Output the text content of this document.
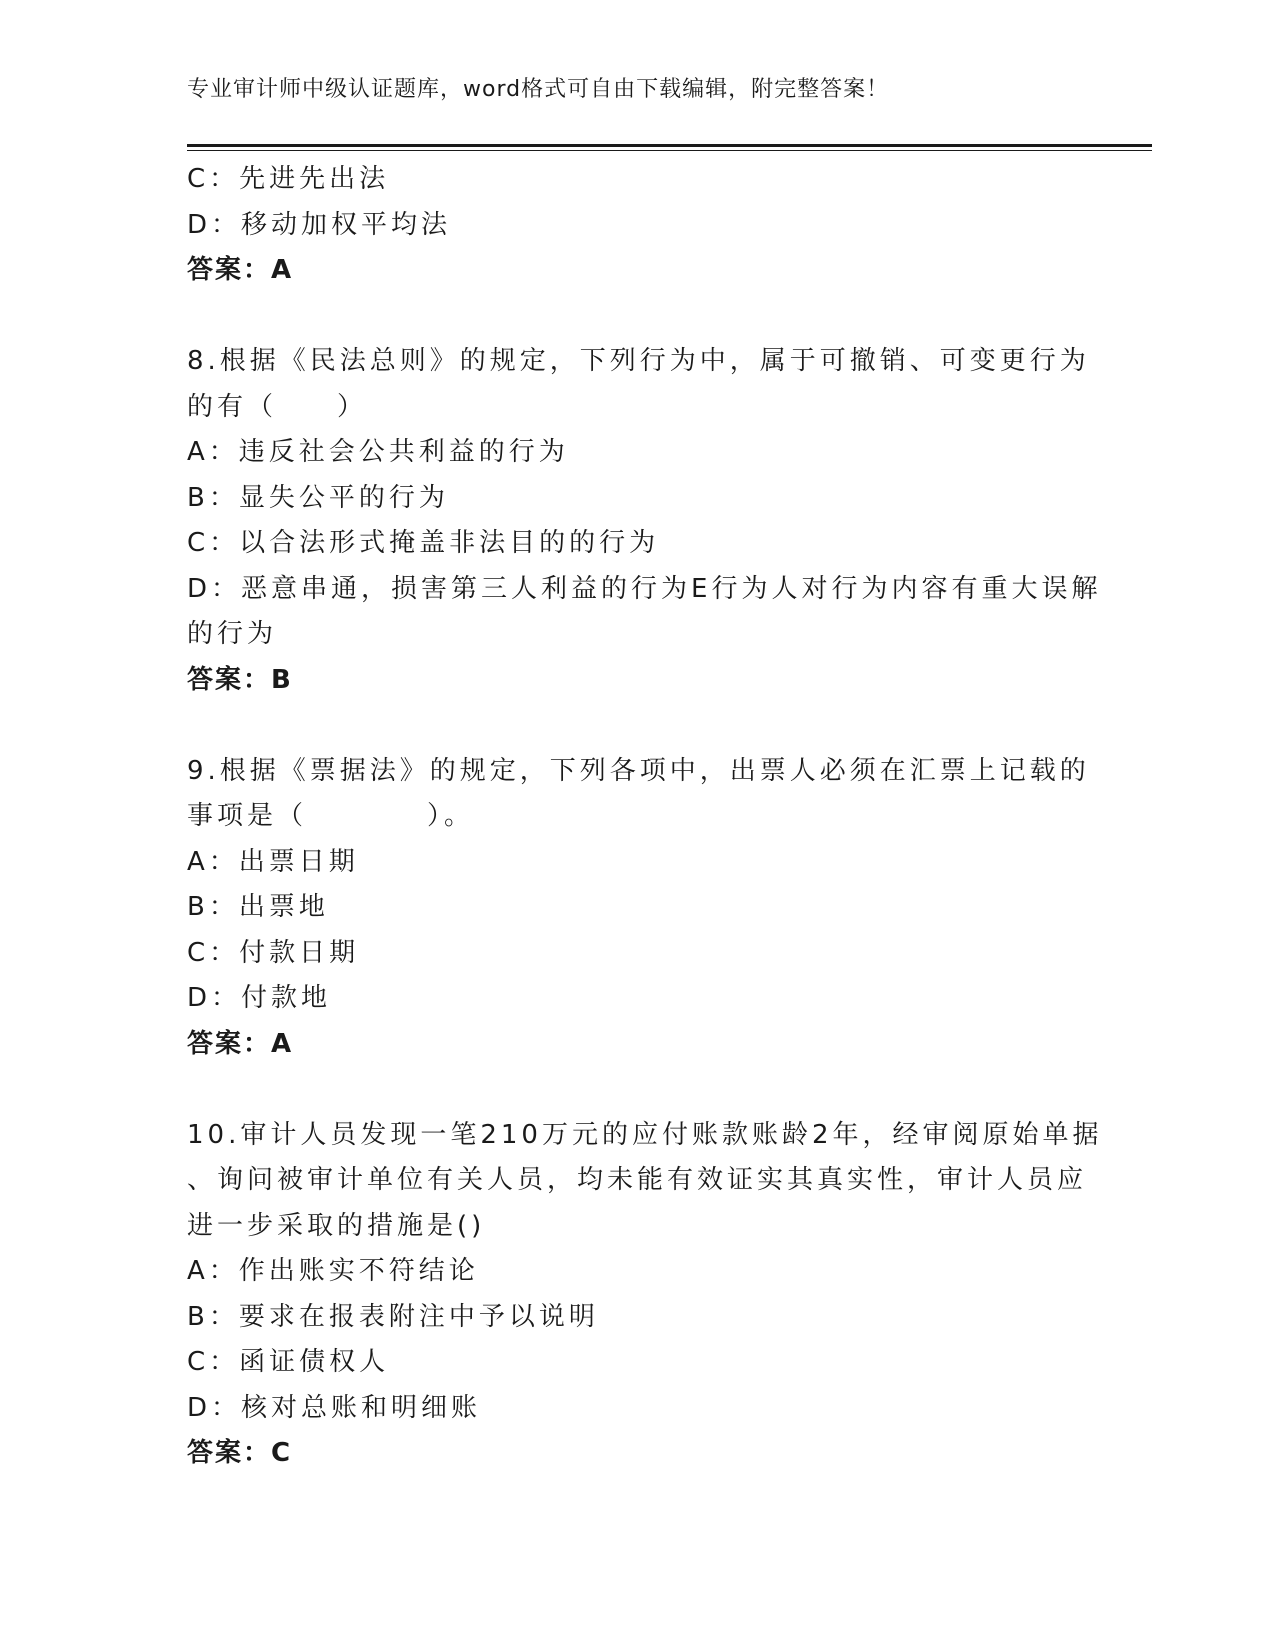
专业审计师中级认证题库，word格式可自由下载编辑，附完整答案！
C：先进先出法
D：移动加权平均法
答案：A
8.根据《民法总则》的规定，下列行为中，属于可撤销、可变更行为
的有（　　）
A：违反社会公共利益的行为
B：显失公平的行为
C：以合法形式掩盖非法目的的行为
D：恶意串通，损害第三人利益的行为E行为人对行为内容有重大误解
的行为
答案：B
9.根据《票据法》的规定，下列各项中，出票人必须在汇票上记载的
事项是（　　　　）。
A：出票日期
B：出票地
C：付款日期
D：付款地
答案：A
10.审计人员发现一笔210万元的应付账款账龄2年，经审阅原始单据
、询问被审计单位有关人员，均未能有效证实其真实性，审计人员应
进一步采取的措施是()
A：作出账实不符结论
B：要求在报表附注中予以说明
C：函证债权人
D：核对总账和明细账
答案：C
